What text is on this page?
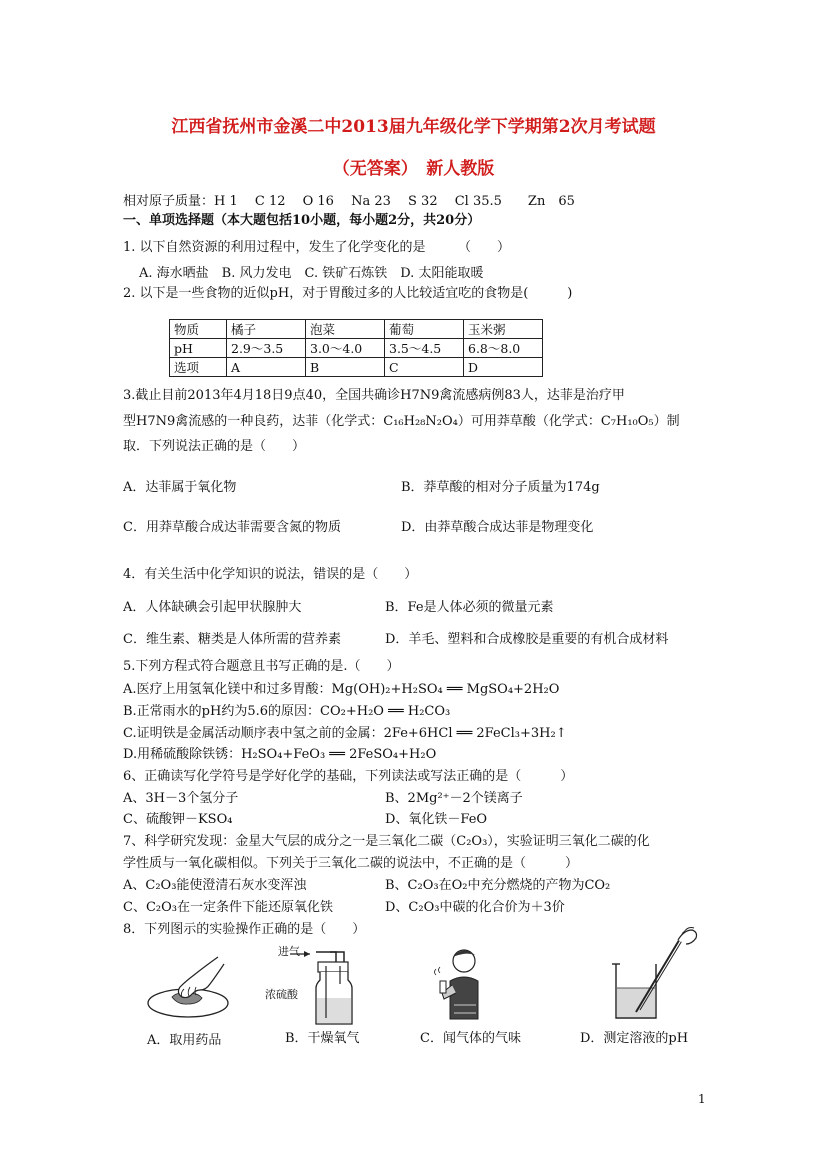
江西省抚州市金溪二中2013届九年级化学下学期第2次月考试题
（无答案）　新人教版
相对原子质量：H 1　 C 12　 O 16　 Na 23　 S 32　 Cl 35.5　　Zn　65
一、单项选择题（本大题包括10小题，每小题2分，共20分）
1. 以下自然资源的利用过程中，发生了化学变化的是　　　（　　）
A. 海水晒盐　B. 风力发电　C. 铁矿石炼铁　D. 太阳能取暖
2. 以下是一些食物的近似pH，对于胃酸过多的人比较适宜吃的食物是(　　　)
物质	橘子	泡菜	葡萄	玉米粥
pH	2.9～3.5	3.0～4.0	3.5～4.5	6.8～8.0
选项	A	B	C	D
3.截止目前2013年4月18日9点40，全国共确诊H7N9禽流感病例83人，达菲是治疗甲
型H7N9禽流感的一种良药，达菲（化学式：C₁₆H₂₈N₂O₄）可用莽草酸（化学式：C₇H₁₀O₅）制
取．下列说法正确的是（　　）
A．达菲属于氧化物	B．莽草酸的相对分子质量为174g
C．用莽草酸合成达菲需要含氮的物质	D．由莽草酸合成达菲是物理变化
4．有关生活中化学知识的说法，错误的是（　　）
A．人体缺碘会引起甲状腺肿大	B．Fe是人体必须的微量元素
C．维生素、糖类是人体所需的营养素	D．羊毛、塑料和合成橡胶是重要的有机合成材料
5.下列方程式符合题意且书写正确的是.（　　）
A.医疗上用氢氧化镁中和过多胃酸：Mg(OH)₂+H₂SO₄ ══ MgSO₄+2H₂O
B.正常雨水的pH约为5.6的原因：CO₂+H₂O ══ H₂CO₃
C.证明铁是金属活动顺序表中氢之前的金属：2Fe+6HCl ══ 2FeCl₃+3H₂↑
D.用稀硫酸除铁锈：H₂SO₄+FeO₃ ══ 2FeSO₄+H₂O
6、正确读写化学符号是学好化学的基础，下列读法或写法正确的是（　　　）
A、3H－3个氢分子	B、2Mg²⁺－2个镁离子
C、硫酸钾－KSO₄	D、氧化铁－FeO
7、科学研究发现：金星大气层的成分之一是三氧化二碳（C₂O₃），实验证明三氧化二碳的化
学性质与一氧化碳相似。下列关于三氧化二碳的说法中，不正确的是（　　　）
A、C₂O₃能使澄清石灰水变浑浊	B、C₂O₃在O₂中充分燃烧的产物为CO₂
C、C₂O₃在一定条件下能还原氧化铁	D、C₂O₃中碳的化合价为＋3价
8．下列图示的实验操作正确的是（　　）
进气
浓硫酸
A．取用药品	B．干燥氧气	C．闻气体的气味	D．测定溶液的pH
1
